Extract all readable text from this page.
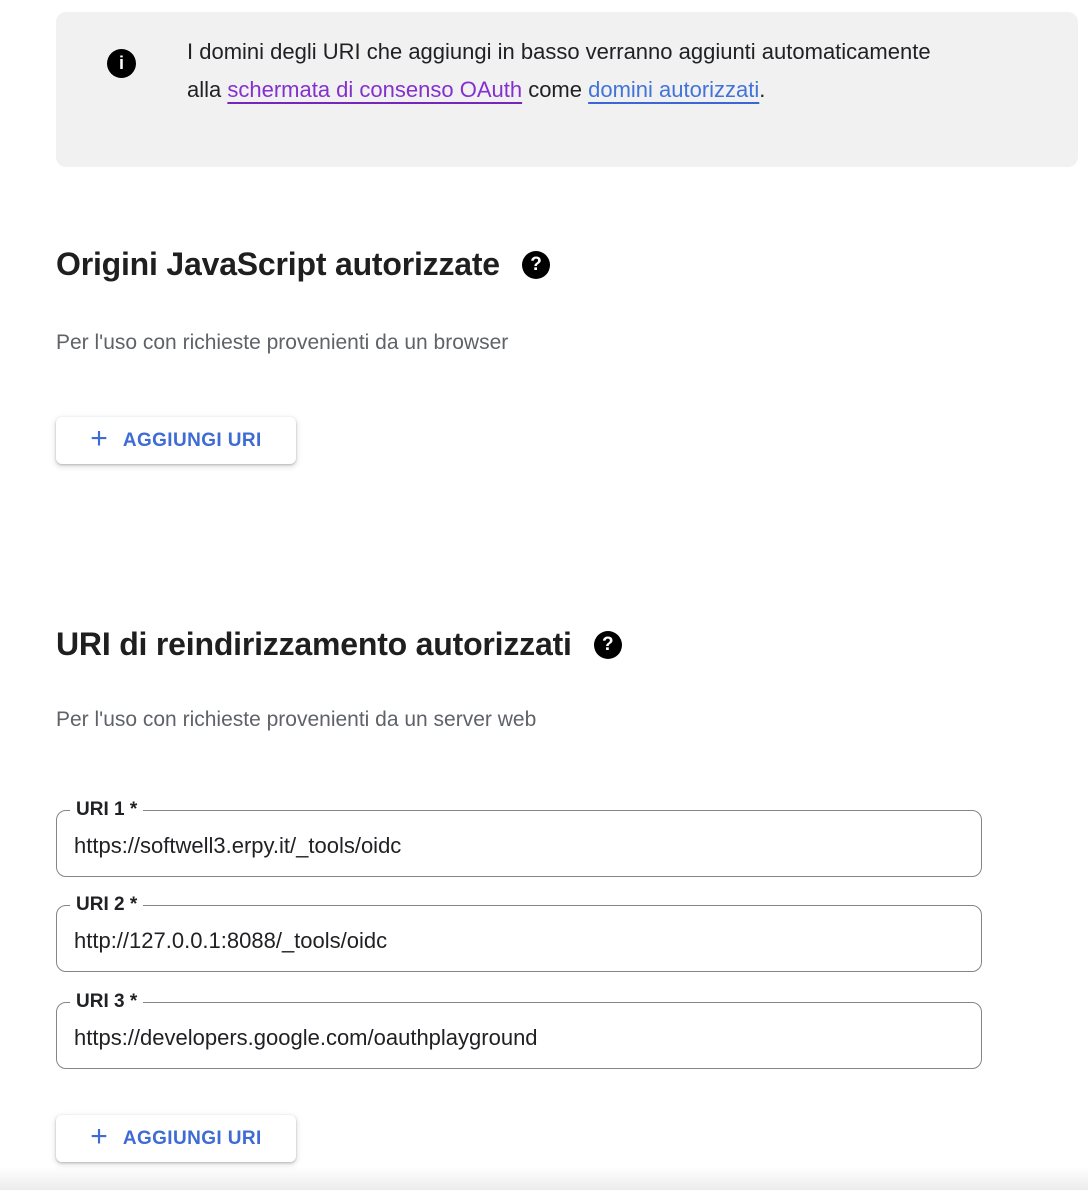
i	I domini degli URI che aggiungi in basso verranno aggiunti automaticamente alla schermata di consenso OAuth come domini autorizzati.
Origini JavaScript autorizzate	?
Per l'uso con richieste provenienti da un browser
+ AGGIUNGI URI
URI di reindirizzamento autorizzati	?
Per l'uso con richieste provenienti da un server web
URI 1 *
https://softwell3.erpy.it/_tools/oidc
URI 2 *
http://127.0.0.1:8088/_tools/oidc
URI 3 *
https://developers.google.com/oauthplayground
+ AGGIUNGI URI
